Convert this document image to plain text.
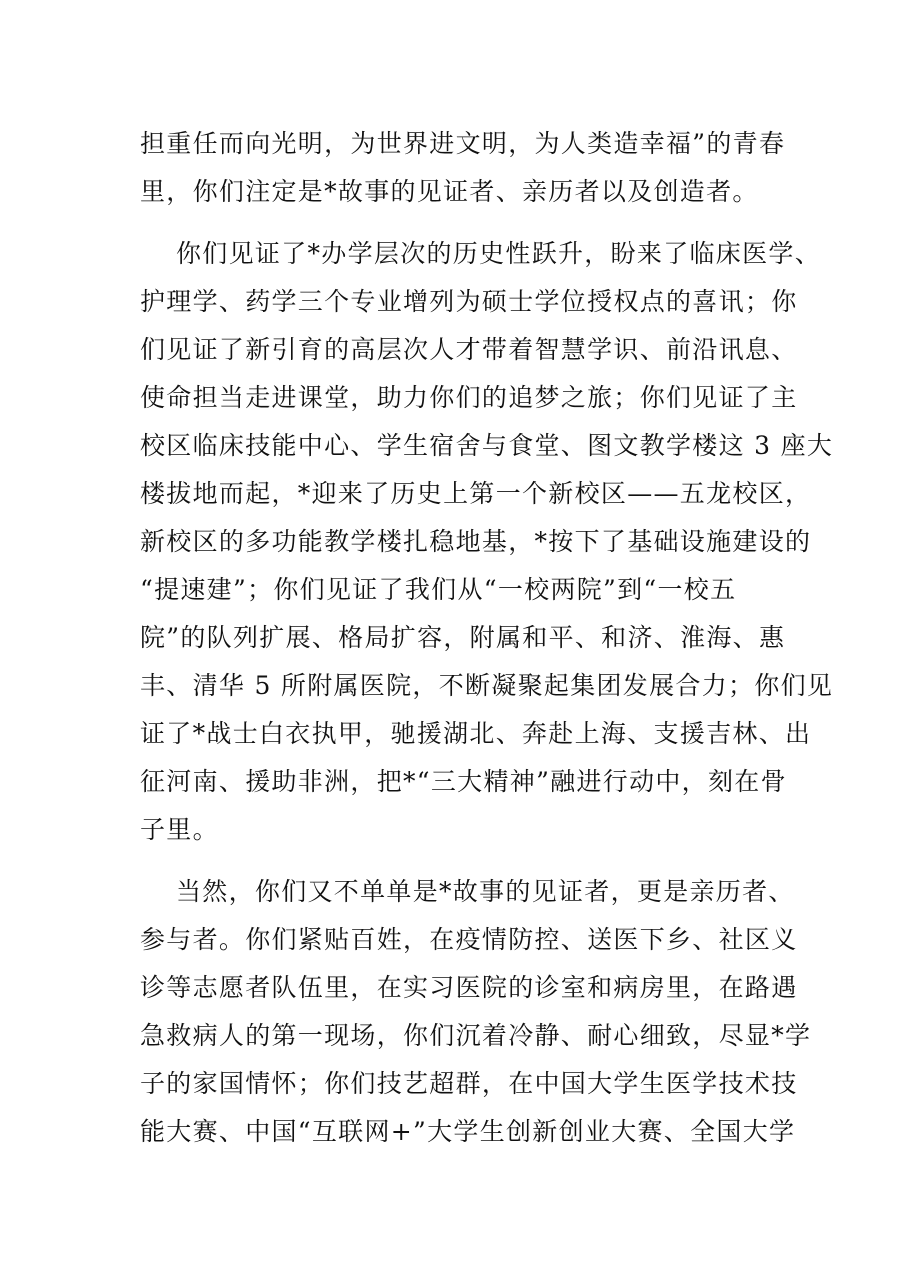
担重任而向光明，为世界进文明，为人类造幸福”的青春
里，你们注定是*故事的见证者、亲历者以及创造者。
你们见证了*办学层次的历史性跃升，盼来了临床医学、
护理学、药学三个专业增列为硕士学位授权点的喜讯；你
们见证了新引育的高层次人才带着智慧学识、前沿讯息、
使命担当走进课堂，助力你们的追梦之旅；你们见证了主
校区临床技能中心、学生宿舍与食堂、图文教学楼这 3 座大
楼拔地而起，*迎来了历史上第一个新校区——五龙校区，
新校区的多功能教学楼扎稳地基，*按下了基础设施建设的
“提速建”；你们见证了我们从“一校两院”到“一校五
院”的队列扩展、格局扩容，附属和平、和济、淮海、惠
丰、清华 5 所附属医院，不断凝聚起集团发展合力；你们见
证了*战士白衣执甲，驰援湖北、奔赴上海、支援吉林、出
征河南、援助非洲，把*“三大精神”融进行动中，刻在骨
子里。
当然，你们又不单单是*故事的见证者，更是亲历者、
参与者。你们紧贴百姓，在疫情防控、送医下乡、社区义
诊等志愿者队伍里，在实习医院的诊室和病房里，在路遇
急救病人的第一现场，你们沉着冷静、耐心细致，尽显*学
子的家国情怀；你们技艺超群，在中国大学生医学技术技
能大赛、中国“互联网+”大学生创新创业大赛、全国大学
